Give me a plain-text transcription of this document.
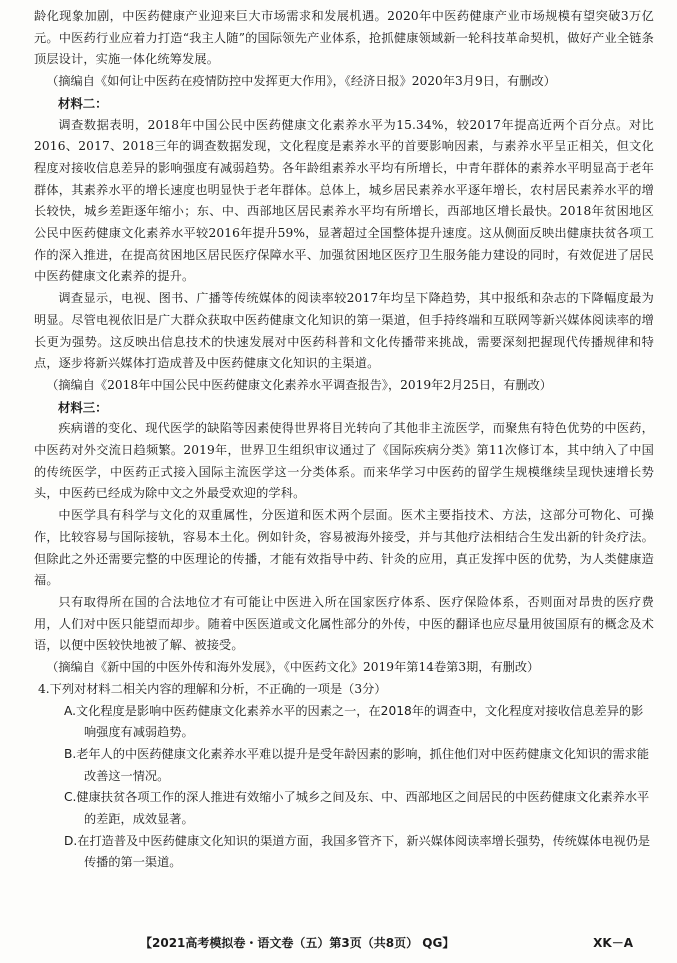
龄化现象加剧，中医药健康产业迎来巨大市场需求和发展机遇。2020年中医药健康产业市场规模有望突破3万亿元。中医药行业应着力打造“我主人随”的国际领先产业体系，抢抓健康领域新一轮科技革命契机，做好产业全链条顶层设计，实施一体化统筹发展。

（摘编自《如何让中医药在疫情防控中发挥更大作用》，《经济日报》2020年3月9日，有删改）

材料二：

调查数据表明，2018年中国公民中医药健康文化素养水平为15.34%，较2017年提高近两个百分点。对比2016、2017、2018三年的调查数据发现，文化程度是素养水平的首要影响因素，与素养水平呈正相关，但文化程度对接收信息差异的影响强度有减弱趋势。各年龄组素养水平均有所增长，中青年群体的素养水平明显高于老年群体，其素养水平的增长速度也明显快于老年群体。总体上，城乡居民素养水平逐年增长，农村居民素养水平的增长较快，城乡差距逐年缩小；东、中、西部地区居民素养水平均有所增长，西部地区增长最快。2018年贫困地区公民中医药健康文化素养水平较2016年提升59%，显著超过全国整体提升速度。这从侧面反映出健康扶贫各项工作的深入推进，在提高贫困地区居民医疗保障水平、加强贫困地区医疗卫生服务能力建设的同时，有效促进了居民中医药健康文化素养的提升。

调查显示，电视、图书、广播等传统媒体的阅读率较2017年均呈下降趋势，其中报纸和杂志的下降幅度最为明显。尽管电视依旧是广大群众获取中医药健康文化知识的第一渠道，但手持终端和互联网等新兴媒体阅读率的增长更为强势。这反映出信息技术的快速发展对中医药科普和文化传播带来挑战，需要深刻把握现代传播规律和特点，逐步将新兴媒体打造成普及中医药健康文化知识的主渠道。

（摘编自《2018年中国公民中医药健康文化素养水平调查报告》，2019年2月25日，有删改）

材料三：

疾病谱的变化、现代医学的缺陷等因素使得世界将目光转向了其他非主流医学，而聚焦有特色优势的中医药，中医药对外交流日趋频繁。2019年，世界卫生组织审议通过了《国际疾病分类》第11次修订本，其中纳入了中国的传统医学，中医药正式接入国际主流医学这一分类体系。而来华学习中医药的留学生规模继续呈现快速增长势头，中医药已经成为除中文之外最受欢迎的学科。

中医学具有科学与文化的双重属性，分医道和医术两个层面。医术主要指技术、方法，这部分可物化、可操作，比较容易与国际接轨，容易本土化。例如针灸，容易被海外接受，并与其他疗法相结合生发出新的针灸疗法。但除此之外还需要完整的中医理论的传播，才能有效指导中药、针灸的应用，真正发挥中医的优势，为人类健康造福。

只有取得所在国的合法地位才有可能让中医进入所在国家医疗体系、医疗保险体系，否则面对昂贵的医疗费用，人们对中医只能望而却步。随着中医医道或文化属性部分的外传，中医的翻译也应尽量用彼国原有的概念及术语，以便中医较快地被了解、被接受。

（摘编自《新中国的中医外传和海外发展》，《中医药文化》2019年第14卷第3期，有删改）

4.下列对材料二相关内容的理解和分析，不正确的一项是（3分）

A.文化程度是影响中医药健康文化素养水平的因素之一，在2018年的调查中，文化程度对接收信息差异的影响强度有减弱趋势。

B.老年人的中医药健康文化素养水平难以提升是受年龄因素的影响，抓住他们对中医药健康文化知识的需求能改善这一情况。

C.健康扶贫各项工作的深人推进有效缩小了城乡之间及东、中、西部地区之间居民的中医药健康文化素养水平的差距，成效显著。

D.在打造普及中医药健康文化知识的渠道方面，我国多管齐下，新兴媒体阅读率增长强势，传统媒体电视仍是传播的第一渠道。

【2021高考模拟卷・语文卷（五）第3页（共8页） QG】	XK－A
